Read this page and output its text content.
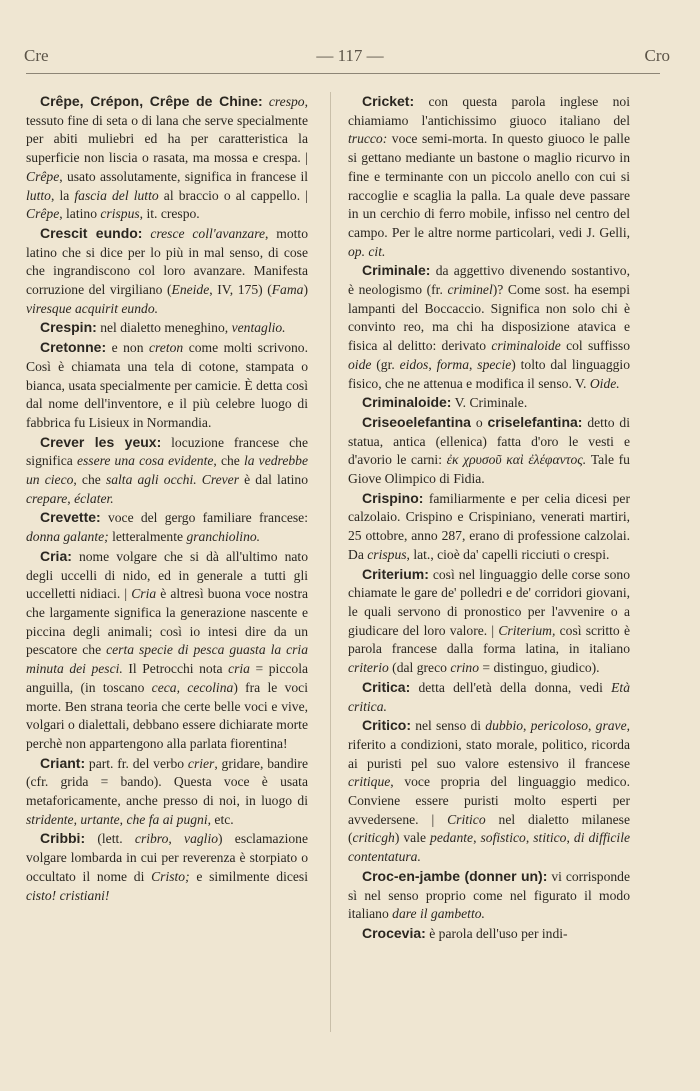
Cre	— 117 —	Cro

Crêpe, Crépon, Crêpe de Chine: crespo, tessuto fine di seta o di lana che serve specialmente per abiti muliebri ed ha per caratteristica la superficie non liscia o rasata, ma mossa e crespa. | Crêpe, usato assolutamente, significa in francese il lutto, la fascia del lutto al braccio o al cappello. | Crêpe, latino crispus, it. crespo.

Crescit eundo: cresce coll'avanzare, motto latino che si dice per lo più in mal senso, di cose che ingrandiscono col loro avanzare. Manifesta corruzione del virgiliano (Eneide, IV, 175) (Fama) viresque acquirit eundo.

Crespin: nel dialetto meneghino, ventaglio.

Cretonne: e non creton come molti scrivono. Così è chiamata una tela di cotone, stampata o bianca, usata specialmente per camicie. È detta così dal nome dell'inventore, e il più celebre luogo di fabbrica fu Lisieux in Normandia.

Crever les yeux: locuzione francese che significa essere una cosa evidente, che la vedrebbe un cieco, che salta agli occhi. Crever è dal latino crepare, éclater.

Crevette: voce del gergo familiare francese: donna galante; letteralmente granchiolino.

Cria: nome volgare che si dà all'ultimo nato degli uccelli di nido, ed in generale a tutti gli uccelletti nidiaci. | Cria è altresì buona voce nostra che largamente significa la generazione nascente e piccina degli animali; così io intesi dire da un pescatore che certa specie di pesca guasta la cria minuta dei pesci. Il Petrocchi nota cria = piccola anguilla, (in toscano ceca, cecolina) fra le voci morte. Ben strana teoria che certe belle voci e vive, volgari o dialettali, debbano essere dichiarate morte perchè non appartengono alla parlata fiorentina!

Criant: part. fr. del verbo crier, gridare, bandire (cfr. grida = bando). Questa voce è usata metaforicamente, anche presso di noi, in luogo di stridente, urtante, che fa ai pugni, etc.

Cribbi: (lett. cribro, vaglio) esclamazione volgare lombarda in cui per reverenza è storpiato o occultato il nome di Cristo; e similmente dicesi cisto! cristiani!

Cricket: con questa parola inglese noi chiamiamo l'antichissimo giuoco italiano del trucco: voce semi-morta. In questo giuoco le palle si gettano mediante un bastone o maglio ricurvo in fine e terminante con un piccolo anello con cui si raccoglie e scaglia la palla. La quale deve passare in un cerchio di ferro mobile, infisso nel centro del campo. Per le altre norme particolari, vedi J. Gelli, op. cit.

Criminale: da aggettivo divenendo sostantivo, è neologismo (fr. criminel)? Come sost. ha esempi lampanti del Boccaccio. Significa non solo chi è convinto reo, ma chi ha disposizione atavica e fisica al delitto: derivato criminaloide col suffisso oide (gr. eidos, forma, specie) tolto dal linguaggio fisico, che ne attenua e modifica il senso. V. Oide.

Criminaloide: V. Criminale.

Criseoelefantina o criselefantina: detto di statua, antica (ellenica) fatta d'oro le vesti e d'avorio le carni: ἐκ χρυσοῦ καὶ ἐλέφαντος. Tale fu Giove Olimpico di Fidia.

Crispino: familiarmente e per celia dicesi per calzolaio. Crispino e Crispiniano, venerati martiri, 25 ottobre, anno 287, erano di professione calzolai. Da crispus, lat., cioè da' capelli ricciuti o crespi.

Criterium: così nel linguaggio delle corse sono chiamate le gare de' polledri e de' corridori giovani, le quali servono di pronostico per l'avvenire o a giudicare del loro valore. | Criterium, così scritto è parola francese dalla forma latina, in italiano criterio (dal greco crino = distinguo, giudico).

Critica: detta dell'età della donna, vedi Età critica.

Critico: nel senso di dubbio, pericoloso, grave, riferito a condizioni, stato morale, politico, ricorda ai puristi pel suo valore estensivo il francese critique, voce propria del linguaggio medico. Conviene essere puristi molto esperti per avvedersene. | Critico nel dialetto milanese (criticgh) vale pedante, sofistico, stitico, di difficile contentatura.

Croc-en-jambe (donner un): vi corrisponde sì nel senso proprio come nel figurato il modo italiano dare il gambetto.

Crocevia: è parola dell'uso per indi-
